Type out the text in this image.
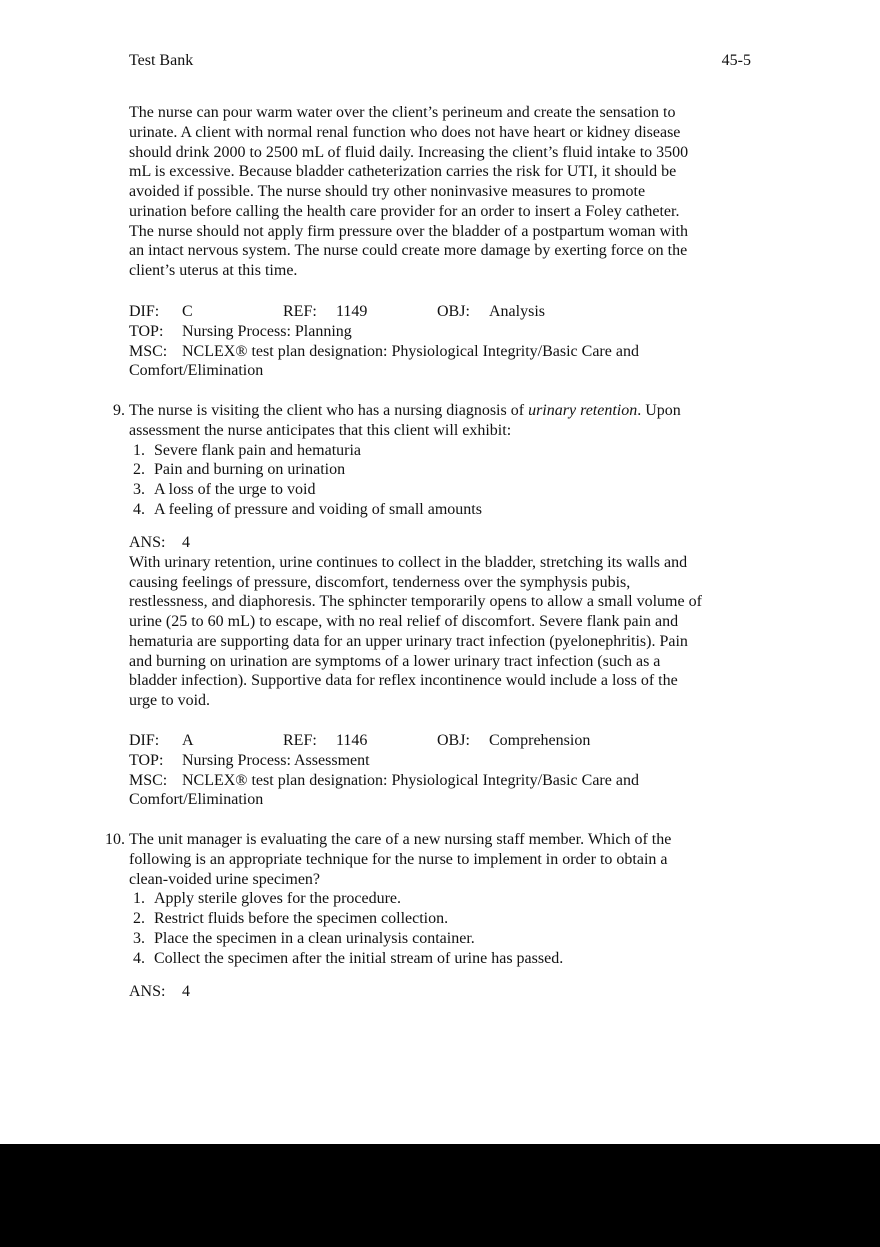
Test Bank	45-5

The nurse can pour warm water over the client’s perineum and create the sensation to

urinate. A client with normal renal function who does not have heart or kidney disease

should drink 2000 to 2500 mL of fluid daily. Increasing the client’s fluid intake to 3500

mL is excessive. Because bladder catheterization carries the risk for UTI, it should be

avoided if possible. The nurse should try other noninvasive measures to promote

urination before calling the health care provider for an order to insert a Foley catheter.

The nurse should not apply firm pressure over the bladder of a postpartum woman with

an intact nervous system. The nurse could create more damage by exerting force on the

client’s uterus at this time.

DIF: C	REF: 1149	OBJ: Analysis
TOP: Nursing Process: Planning
MSC: NCLEX® test plan designation: Physiological Integrity/Basic Care and
Comfort/Elimination
9. The nurse is visiting the client who has a nursing diagnosis of urinary retention. Upon
assessment the nurse anticipates that this client will exhibit:
1. Severe flank pain and hematuria
2. Pain and burning on urination
3. A loss of the urge to void
4. A feeling of pressure and voiding of small amounts
ANS: 4

With urinary retention, urine continues to collect in the bladder, stretching its walls and

causing feelings of pressure, discomfort, tenderness over the symphysis pubis,

restlessness, and diaphoresis. The sphincter temporarily opens to allow a small volume of

urine (25 to 60 mL) to escape, with no real relief of discomfort. Severe flank pain and

hematuria are supporting data for an upper urinary tract infection (pyelonephritis). Pain

and burning on urination are symptoms of a lower urinary tract infection (such as a

bladder infection). Supportive data for reflex incontinence would include a loss of the

urge to void.

DIF: A	REF: 1146	OBJ: Comprehension
TOP: Nursing Process: Assessment
MSC: NCLEX® test plan designation: Physiological Integrity/Basic Care and
Comfort/Elimination
10. The unit manager is evaluating the care of a new nursing staff member. Which of the
following is an appropriate technique for the nurse to implement in order to obtain a
clean-voided urine specimen?
1. Apply sterile gloves for the procedure.
2. Restrict fluids before the specimen collection.
3. Place the specimen in a clean urinalysis container.
4. Collect the specimen after the initial stream of urine has passed.
ANS: 4
